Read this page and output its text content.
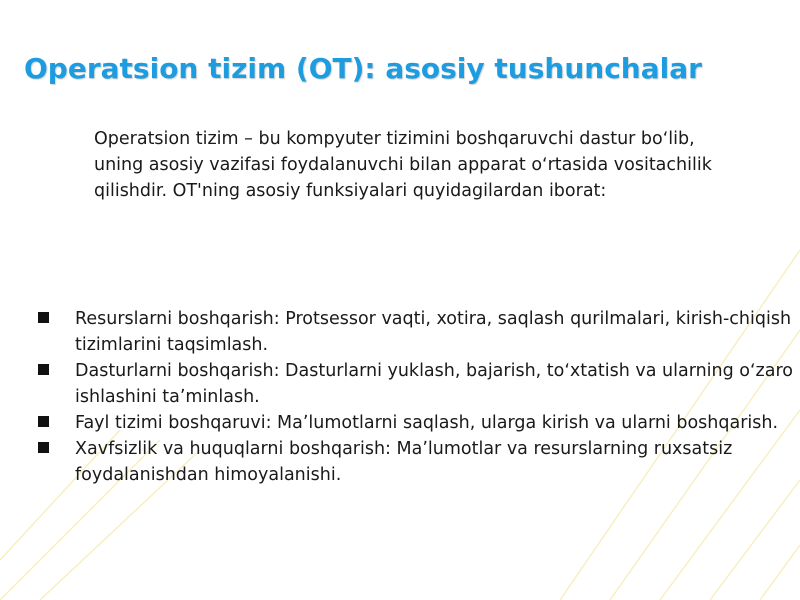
Operatsion tizim (OT): asosiy tushunchalar

Operatsion tizim – bu kompyuter tizimini boshqaruvchi dastur boʻlib, uning asosiy vazifasi foydalanuvchi bilan apparat oʻrtasida vositachilik qilishdir. OT'ning asosiy funksiyalari quyidagilardan iborat:

Resurslarni boshqarish: Protsessor vaqti, xotira, saqlash qurilmalari, kirish-chiqish tizimlarini taqsimlash.
Dasturlarni boshqarish: Dasturlarni yuklash, bajarish, toʻxtatish va ularning oʻzaro ishlashini taʼminlash.
Fayl tizimi boshqaruvi: Maʼlumotlarni saqlash, ularga kirish va ularni boshqarish.
Xavfsizlik va huquqlarni boshqarish: Maʼlumotlar va resurslarning ruxsatsiz foydalanishdan himoyalanishi.
